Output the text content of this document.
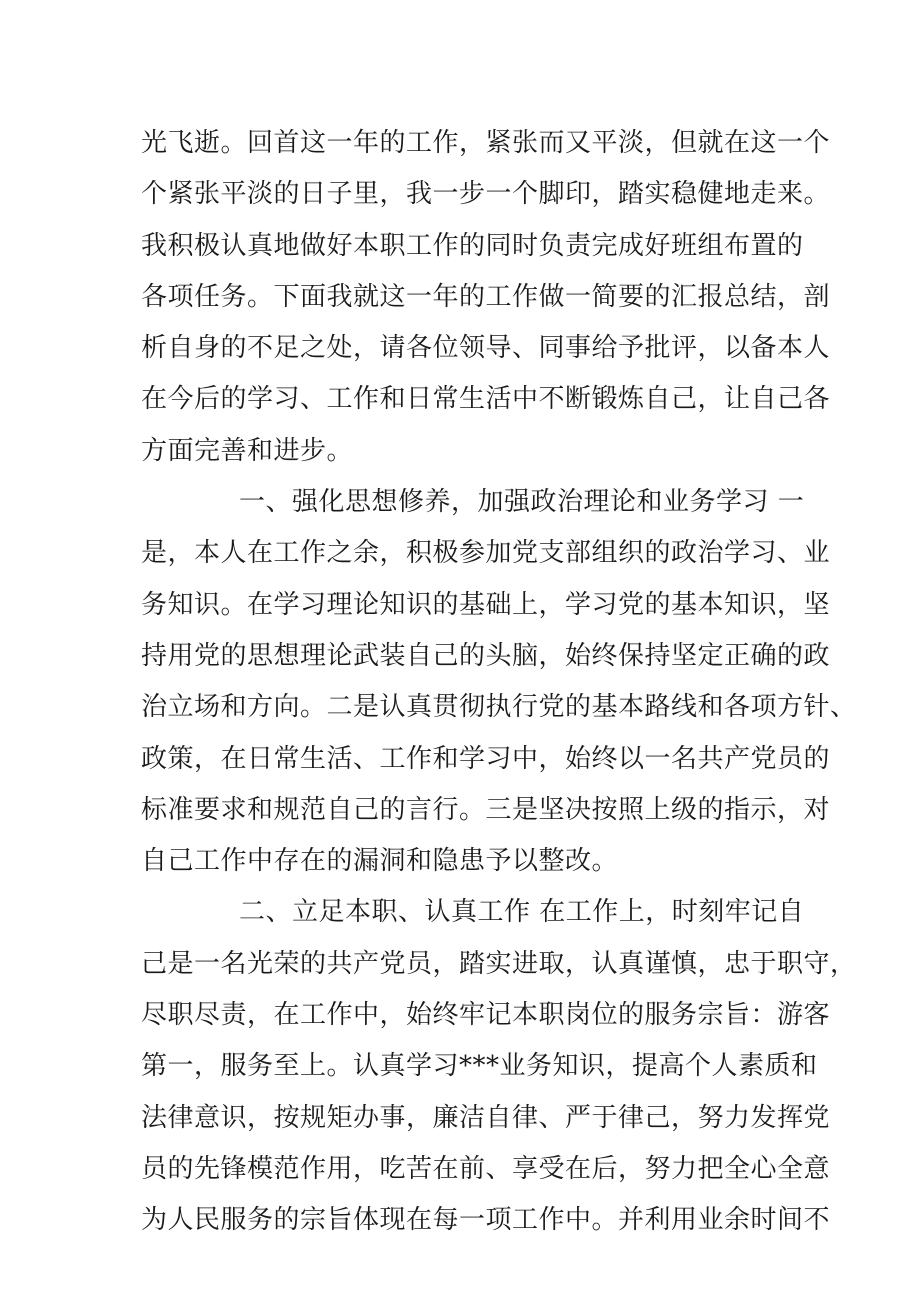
光飞逝。回首这一年的工作，紧张而又平淡，但就在这一个
个紧张平淡的日子里，我一步一个脚印，踏实稳健地走来。
我积极认真地做好本职工作的同时负责完成好班组布置的
各项任务。下面我就这一年的工作做一简要的汇报总结，剖
析自身的不足之处，请各位领导、同事给予批评，以备本人
在今后的学习、工作和日常生活中不断锻炼自己，让自己各
方面完善和进步。
一、强化思想修养，加强政治理论和业务学习 一
是，本人在工作之余，积极参加党支部组织的政治学习、业
务知识。在学习理论知识的基础上，学习党的基本知识，坚
持用党的思想理论武装自己的头脑，始终保持坚定正确的政
治立场和方向。二是认真贯彻执行党的基本路线和各项方针、
政策，在日常生活、工作和学习中，始终以一名共产党员的
标准要求和规范自己的言行。三是坚决按照上级的指示，对
自己工作中存在的漏洞和隐患予以整改。
二、立足本职、认真工作 在工作上，时刻牢记自
己是一名光荣的共产党员，踏实进取，认真谨慎，忠于职守，
尽职尽责，在工作中，始终牢记本职岗位的服务宗旨：游客
第一，服务至上。认真学习***业务知识，提高个人素质和
法律意识，按规矩办事，廉洁自律、严于律己，努力发挥党
员的先锋模范作用，吃苦在前、享受在后，努力把全心全意
为人民服务的宗旨体现在每一项工作中。并利用业余时间不
